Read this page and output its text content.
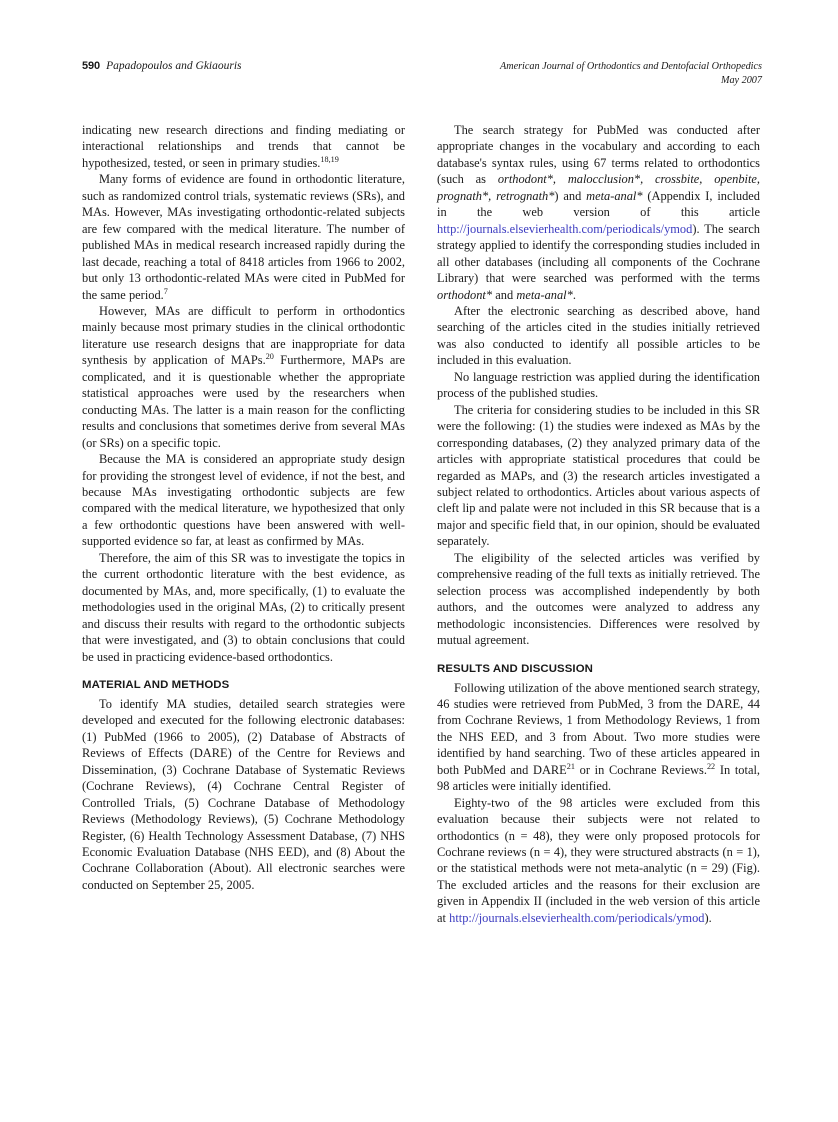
590 Papadopoulos and Gkiaouris	American Journal of Orthodontics and Dentofacial Orthopedics
May 2007

indicating new research directions and finding mediating or interactional relationships and trends that cannot be hypothesized, tested, or seen in primary studies.$^{18,19}$

Many forms of evidence are found in orthodontic literature, such as randomized control trials, systematic reviews (SRs), and MAs. However, MAs investigating orthodontic-related subjects are few compared with the medical literature. The number of published MAs in medical research increased rapidly during the last decade, reaching a total of 8418 articles from 1966 to 2002, but only 13 orthodontic-related MAs were cited in PubMed for the same period.$^7$

However, MAs are difficult to perform in orthodontics mainly because most primary studies in the clinical orthodontic literature use research designs that are inappropriate for data synthesis by application of MAPs.$^{20}$ Furthermore, MAPs are complicated, and it is questionable whether the appropriate statistical approaches were used by the researchers when conducting MAs. The latter is a main reason for the conflicting results and conclusions that sometimes derive from several MAs (or SRs) on a specific topic.

Because the MA is considered an appropriate study design for providing the strongest level of evidence, if not the best, and because MAs investigating orthodontic subjects are few compared with the medical literature, we hypothesized that only a few orthodontic questions have been answered with well-supported evidence so far, at least as confirmed by MAs.

Therefore, the aim of this SR was to investigate the topics in the current orthodontic literature with the best evidence, as documented by MAs, and, more specifically, (1) to evaluate the methodologies used in the original MAs, (2) to critically present and discuss their results with regard to the orthodontic subjects that were investigated, and (3) to obtain conclusions that could be used in practicing evidence-based orthodontics.

MATERIAL AND METHODS

To identify MA studies, detailed search strategies were developed and executed for the following electronic databases: (1) PubMed (1966 to 2005), (2) Database of Abstracts of Reviews of Effects (DARE) of the Centre for Reviews and Dissemination, (3) Cochrane Database of Systematic Reviews (Cochrane Reviews), (4) Cochrane Central Register of Controlled Trials, (5) Cochrane Database of Methodology Reviews (Methodology Reviews), (5) Cochrane Methodology Register, (6) Health Technology Assessment Database, (7) NHS Economic Evaluation Database (NHS EED), and (8) About the Cochrane Collaboration (About). All electronic searches were conducted on September 25, 2005.

The search strategy for PubMed was conducted after appropriate changes in the vocabulary and according to each database's syntax rules, using 67 terms related to orthodontics (such as orthodont*, malocclusion*, crossbite, openbite, prognath*, retrognath*) and meta-anal* (Appendix I, included in the web version of this article http://journals.elsevierhealth.com/periodicals/ymod). The search strategy applied to identify the corresponding studies included in all other databases (including all components of the Cochrane Library) that were searched was performed with the terms orthodont* and meta-anal*.

After the electronic searching as described above, hand searching of the articles cited in the studies initially retrieved was also conducted to identify all possible articles to be included in this evaluation.

No language restriction was applied during the identification process of the published studies.

The criteria for considering studies to be included in this SR were the following: (1) the studies were indexed as MAs by the corresponding databases, (2) they analyzed primary data of the articles with appropriate statistical procedures that could be regarded as MAPs, and (3) the research articles investigated a subject related to orthodontics. Articles about various aspects of cleft lip and palate were not included in this SR because that is a major and specific field that, in our opinion, should be evaluated separately.

The eligibility of the selected articles was verified by comprehensive reading of the full texts as initially retrieved. The selection process was accomplished independently by both authors, and the outcomes were analyzed to address any methodologic inconsistencies. Differences were resolved by mutual agreement.

RESULTS AND DISCUSSION

Following utilization of the above mentioned search strategy, 46 studies were retrieved from PubMed, 3 from the DARE, 44 from Cochrane Reviews, 1 from Methodology Reviews, 1 from the NHS EED, and 3 from About. Two more studies were identified by hand searching. Two of these articles appeared in both PubMed and DARE$^{21}$ or in Cochrane Reviews.$^{22}$ In total, 98 articles were initially identified.

Eighty-two of the 98 articles were excluded from this evaluation because their subjects were not related to orthodontics (n = 48), they were only proposed protocols for Cochrane reviews (n = 4), they were structured abstracts (n = 1), or the statistical methods were not meta-analytic (n = 29) (Fig). The excluded articles and the reasons for their exclusion are given in Appendix II (included in the web version of this article at http://journals.elsevierhealth.com/periodicals/ymod).
